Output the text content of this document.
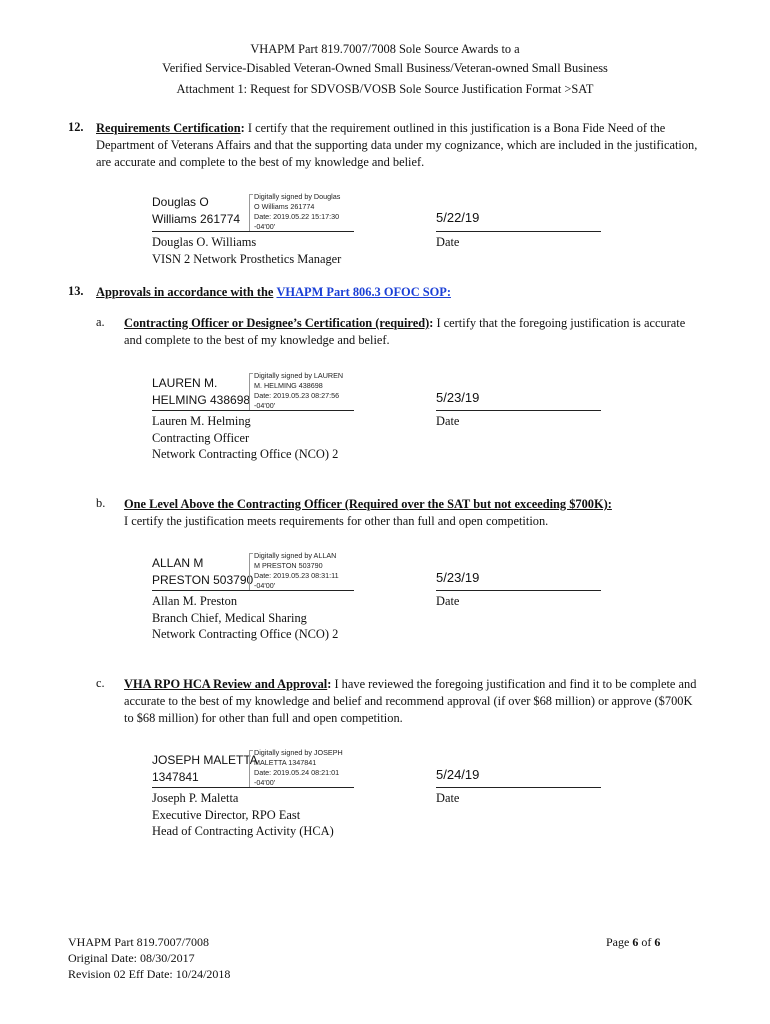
VHAPM Part 819.7007/7008 Sole Source Awards to a
Verified Service-Disabled Veteran-Owned Small Business/Veteran-owned Small Business
Attachment 1: Request for SDVOSB/VOSB Sole Source Justification Format >SAT
12. Requirements Certification: I certify that the requirement outlined in this justification is a Bona Fide Need of the Department of Veterans Affairs and that the supporting data under my cognizance, which are included in the justification, are accurate and complete to the best of my knowledge and belief.
Douglas O
Williams 261774
Digitally signed by Douglas
O Williams 261774
Date: 2019.05.22 15:17:30
-04'00'
5/22/19
Douglas O. Williams
VISN 2 Network Prosthetics Manager
Date
13. Approvals in accordance with the VHAPM Part 806.3 OFOC SOP:
a. Contracting Officer or Designee’s Certification (required): I certify that the foregoing justification is accurate and complete to the best of my knowledge and belief.
LAUREN M.
HELMING 438698
Digitally signed by LAUREN
M. HELMING 438698
Date: 2019.05.23 08:27:56
-04'00'
5/23/19
Lauren M. Helming
Contracting Officer
Network Contracting Office (NCO) 2
Date
b. One Level Above the Contracting Officer (Required over the SAT but not exceeding $700K):
I certify the justification meets requirements for other than full and open competition.
ALLAN M
PRESTON 503790
Digitally signed by ALLAN
M PRESTON 503790
Date: 2019.05.23 08:31:11
-04'00'
5/23/19
Allan M. Preston
Branch Chief, Medical Sharing
Network Contracting Office (NCO) 2
Date
c. VHA RPO HCA Review and Approval: I have reviewed the foregoing justification and find it to be complete and accurate to the best of my knowledge and belief and recommend approval (if over $68 million) or approve ($700K to $68 million) for other than full and open competition.
JOSEPH MALETTA
1347841
Digitally signed by JOSEPH
MALETTA 1347841
Date: 2019.05.24 08:21:01
-04'00'
5/24/19
Joseph P. Maletta
Executive Director, RPO East
Head of Contracting Activity (HCA)
Date
VHAPM Part 819.7007/7008
Original Date: 08/30/2017
Revision 02 Eff Date: 10/24/2018
Page 6 of 6
